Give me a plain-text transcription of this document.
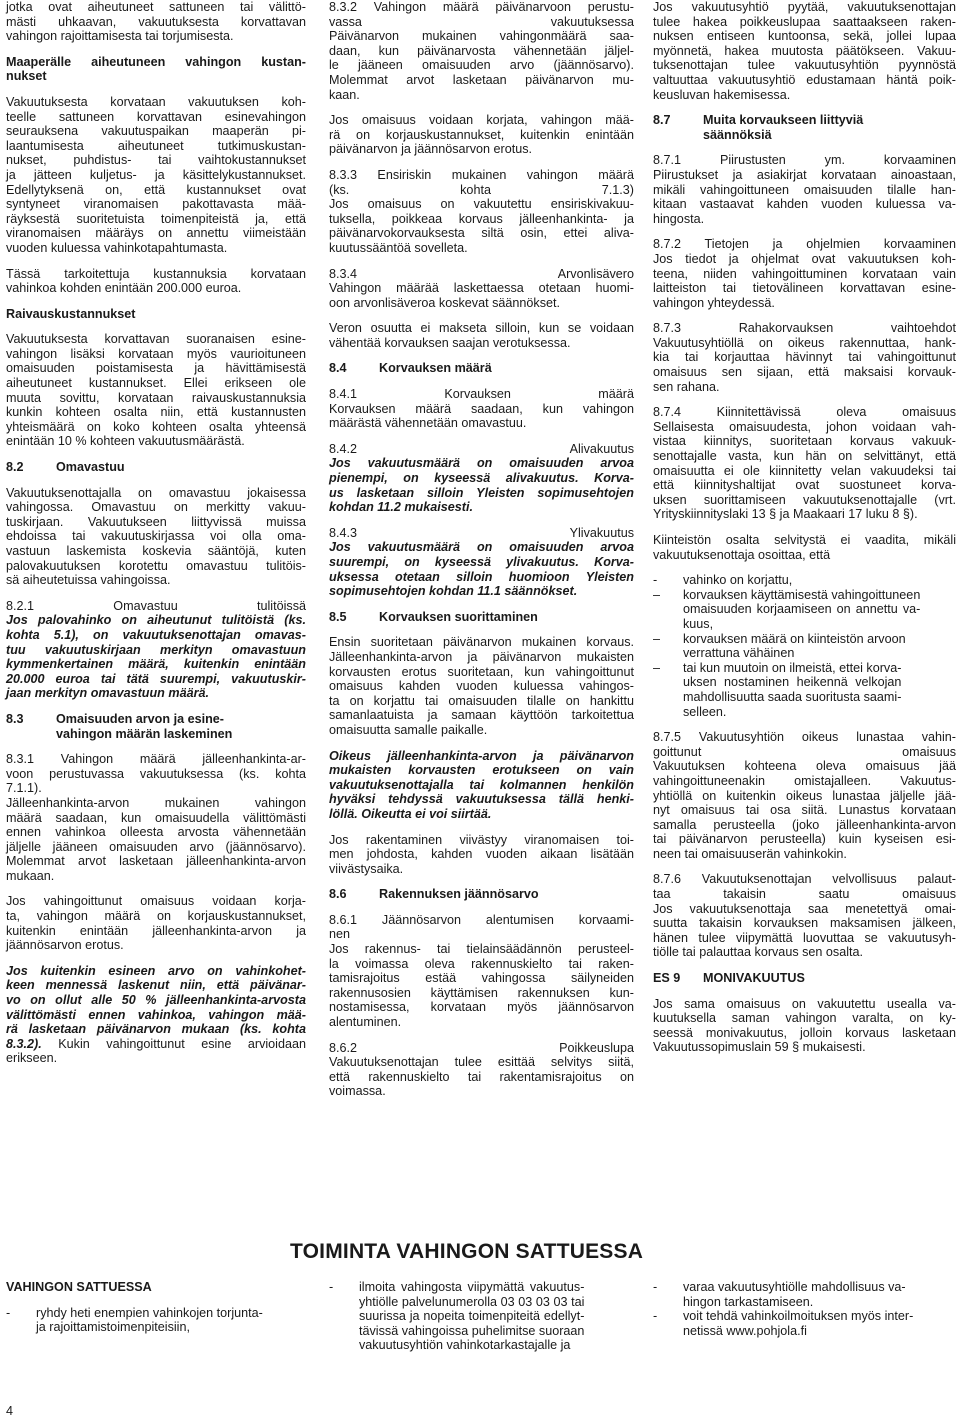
jotka ovat aiheutuneet sattuneen tai välittö-
mästi uhkaavan, vakuutuksesta korvattavan
vahingon rajoittamisesta tai torjumisesta.
Maaperälle aiheutuneen vahingon kustan-
nukset
Vakuutuksesta korvataan vakuutuksen koh-
teelle sattuneen korvattavan esinevahingon
seurauksena vakuutuspaikan maaperän pi-
laantumisesta aiheutuneet tutkimuskustan-
nukset, puhdistus- tai vaihtokustannukset
ja jätteen kuljetus- ja käsittelykustannukset.
Edellytyksenä on, että kustannukset ovat
syntyneet viranomaisen pakottavasta mää-
räyksestä suoritetuista toimenpiteistä ja, että
viranomaisen määräys on annettu viimeistään
vuoden kuluessa vahinkotapahtumasta.
Tässä tarkoitettuja kustannuksia korvataan
vahinkoa kohden enintään 200.000 euroa.
Raivauskustannukset
Vakuutuksesta korvattavan suoranaisen esine-
vahingon lisäksi korvataan myös vaurioituneen
omaisuuden poistamisesta ja hävittämisestä
aiheutuneet kustannukset. Ellei erikseen ole
muuta sovittu, korvataan raivauskustannuksia
kunkin kohteen osalta niin, että kustannusten
yhteismäärä on koko kohteen osalta yhteensä
enintään 10 % kohteen vakuutusmäärästä.
8.2	Omavastuu
Vakuutuksenottajalla on omavastuu jokaisessa
vahingossa. Omavastuu on merkitty vakuu-
tuskirjaan. Vakuutukseen liittyvissä muissa
ehdoissa tai vakuutuskirjassa voi olla oma-
vastuun laskemista koskevia sääntöjä, kuten
palovakuutuksen korotettu omavastuu tulitöis-
sä aiheutetuissa vahingoissa.
8.2.1 Omavastuu tulitöissä
Jos palovahinko on aiheutunut tulitöistä (ks.
kohta 5.1), on vakuutuksenottajan omavas-
tuu vakuutuskirjaan merkityn omavastuun
kymmenkertainen määrä, kuitenkin enintään
20.000 euroa tai tätä suurempi, vakuutuskir-
jaan merkityn omavastuun määrä.
8.3	Omaisuuden arvon ja esine-
vahingon määrän laskeminen
8.3.1 Vahingon määrä jälleenhankinta-ar-
voon perustuvassa vakuutuksessa (ks. kohta
7.1.1).
Jälleenhankinta-arvon mukainen vahingon
määrä saadaan, kun omaisuudella välittömästi
ennen vahinkoa olleesta arvosta vähennetään
jäljelle jääneen omaisuuden arvo (jäännösarvo).
Molemmat arvot lasketaan jälleenhankinta-arvon
mukaan.
Jos vahingoittunut omaisuus voidaan korja-
ta, vahingon määrä on korjauskustannukset,
kuitenkin enintään jälleenhankinta-arvon ja
jäännösarvon erotus.
Jos kuitenkin esineen arvo on vahinkohet-
keen mennessä laskenut niin, että päivänar-
vo on ollut alle 50 % jälleenhankinta-arvosta
välittömästi ennen vahinkoa, vahingon mää-
rä lasketaan päivänarvon mukaan (ks. kohta
8.3.2). Kukin vahingoittunut esine arvioidaan
erikseen.
8.3.2 Vahingon määrä päivänarvoon perustu-
vassa vakuutuksessa
Päivänarvon mukainen vahingonmäärä saa-
daan, kun päivänarvosta vähennetään jäljel-
le jääneen omaisuuden arvo (jäännösarvo).
Molemmat arvot lasketaan päivänarvon mu-
kaan.
Jos omaisuus voidaan korjata, vahingon mää-
rä on korjauskustannukset, kuitenkin enintään
päivänarvon ja jäännösarvon erotus.
8.3.3 Ensiriskin mukainen vahingon määrä
(ks. kohta 7.1.3)
Jos omaisuus on vakuutettu ensiriskivakuu-
tuksella, poikkeaa korvaus jälleenhankinta- ja
päivänarvokorvauksesta siltä osin, ettei aliva-
kuutussääntöä sovelleta.
8.3.4 Arvonlisävero
Vahingon määrää laskettaessa otetaan huomi-
oon arvonlisäveroa koskevat säännökset.
Veron osuutta ei makseta silloin, kun se voidaan
vähentää korvauksen saajan verotuksessa.
8.4	Korvauksen määrä
8.4.1 Korvauksen määrä
Korvauksen määrä saadaan, kun vahingon
määrästä vähennetään omavastuu.
8.4.2 Alivakuutus
Jos vakuutusmäärä on omaisuuden arvoa
pienempi, on kyseessä alivakuutus. Korva-
us lasketaan silloin Yleisten sopimusehtojen
kohdan 11.2 mukaisesti.
8.4.3 Ylivakuutus
Jos vakuutusmäärä on omaisuuden arvoa
suurempi, on kyseessä ylivakuutus. Korva-
uksessa otetaan silloin huomioon Yleisten
sopimusehtojen kohdan 11.1 säännökset.
8.5	Korvauksen suorittaminen
Ensin suoritetaan päivänarvon mukainen korvaus.
Jälleenhankinta-arvon ja päivänarvon mukaisten
korvausten erotus suoritetaan, kun vahingoittunut
omaisuus kahden vuoden kuluessa vahingos-
ta on korjattu tai omaisuuden tilalle on hankittu
samanlaatuista ja samaan käyttöön tarkoitettua
omaisuutta samalle paikalle.
Oikeus jälleenhankinta-arvon ja päivänarvon
mukaisten korvausten erotukseen on vain
vakuutuksenottajalla tai kolmannen henkilön
hyväksi tehdyssä vakuutuksessa tällä henki-
löllä. Oikeutta ei voi siirtää.
Jos rakentaminen viivästyy viranomaisen toi-
men johdosta, kahden vuoden aikaan lisätään
viivästysaika.
8.6	Rakennuksen jäännösarvo
8.6.1 Jäännösarvon alentumisen korvaami-
nen
Jos rakennus- tai tielainsäädännön perusteel-
la voimassa oleva rakennuskielto tai raken-
tamisrajoitus estää vahingossa säilyneiden
rakennusosien käyttämisen rakennuksen kun-
nostamisessa, korvataan myös jäännösarvon
alentuminen.
8.6.2 Poikkeuslupa
Vakuutuksenottajan tulee esittää selvitys siitä,
että rakennuskielto tai rakentamisrajoitus on
voimassa.
Jos vakuutusyhtiö pyytää, vakuutuksenottajan
tulee hakea poikkeuslupaa saattaakseen raken-
nuksen entiseen kuntoonsa, sekä, jollei lupaa
myönnetä, hakea muutosta päätökseen. Vakuu-
tuksenottajan tulee vakuutusyhtiön pyynnöstä
valtuuttaa vakuutusyhtiö edustamaan häntä poik-
keusluvan hakemisessa.
8.7	Muita korvaukseen liittyviä
säännöksiä
8.7.1 Piirustusten ym. korvaaminen
Piirustukset ja asiakirjat korvataan ainoastaan,
mikäli vahingoittuneen omaisuuden tilalle han-
kitaan vastaavat kahden vuoden kuluessa va-
hingosta.
8.7.2 Tietojen ja ohjelmien korvaaminen
Jos tiedot ja ohjelmat ovat vakuutuksen koh-
teena, niiden vahingoittuminen korvataan vain
laitteiston tai tietovälineen korvattavan esine-
vahingon yhteydessä.
8.7.3 Rahakorvauksen vaihtoehdot
Vakuutusyhtiöllä on oikeus rakennuttaa, hank-
kia tai korjauttaa hävinnyt tai vahingoittunut
omaisuus sen sijaan, että maksaisi korvauk-
sen rahana.
8.7.4 Kiinnitettävissä oleva omaisuus
Sellaisesta omaisuudesta, johon voidaan vah-
vistaa kiinnitys, suoritetaan korvaus vakuuk-
senottajalle vasta, kun hän on selvittänyt, että
omaisuutta ei ole kiinnitetty velan vakuudeksi tai
että kiinnityshaltijat ovat suostuneet korva-
uksen suorittamiseen vakuutuksenottajalle (vrt.
Yrityskiinnityslaki 13 § ja Maakaari 17 luku 8 §).
Kiinteistön osalta selvitystä ei vaadita, mikäli
vakuutuksenottaja osoittaa, että
-	vahinko on korjattu,
–	korvauksen käyttämisestä vahingoittuneen
omaisuuden korjaamiseen on annettu va-
kuus,
–	korvauksen määrä on kiinteistön arvoon
verrattuna vähäinen
–	tai kun muutoin on ilmeistä, ettei korva-
uksen nostaminen heikennä velkojan
mahdollisuutta saada suoritusta saami-
selleen.
8.7.5 Vakuutusyhtiön oikeus lunastaa vahin-
goittunut omaisuus
Vakuutuksen kohteena oleva omaisuus jää
vahingoittuneenakin omistajalleen. Vakuutus-
yhtiöllä on kuitenkin oikeus lunastaa jäljelle jää-
nyt omaisuus tai osa siitä. Lunastus korvataan
samalla perusteella (joko jälleenhankinta-arvon
tai päivänarvon perusteella) kuin kyseisen esi-
neen tai omaisuuserän vahinkokin.
8.7.6 Vakuutuksenottajan velvollisuus palaut-
taa takaisin saatu omaisuus
Jos vakuutuksenottaja saa menetettyä omai-
suutta takaisin korvauksen maksamisen jälkeen,
hänen tulee viipymättä luovuttaa se vakuutusyh-
tiölle tai palauttaa korvaus sen osalta.
ES 9	MONIVAKUUTUS
Jos sama omaisuus on vakuutettu usealla va-
kuutuksella saman vahingon varalta, on ky-
seessä monivakuutus, jolloin korvaus lasketaan
Vakuutussopimuslain 59 § mukaisesti.
TOIMINTA VAHINGON SATTUESSA
VAHINGON SATTUESSA
-	ryhdy heti enempien vahinkojen torjunta-
ja rajoittamistoimenpiteisiin,
-	ilmoita vahingosta viipymättä vakuutus-
yhtiölle palvelunumerolla 03 03 03 03 tai
suurissa ja nopeita toimenpiteitä edellyt-
tävissä vahingoissa puhelimitse suoraan
vakuutusyhtiön vahinkotarkastajalle ja
-	varaa vakuutusyhtiölle mahdollisuus va-
hingon tarkastamiseen.
-	voit tehdä vahinkoilmoituksen myös inter-
netissä www.pohjola.fi
4
